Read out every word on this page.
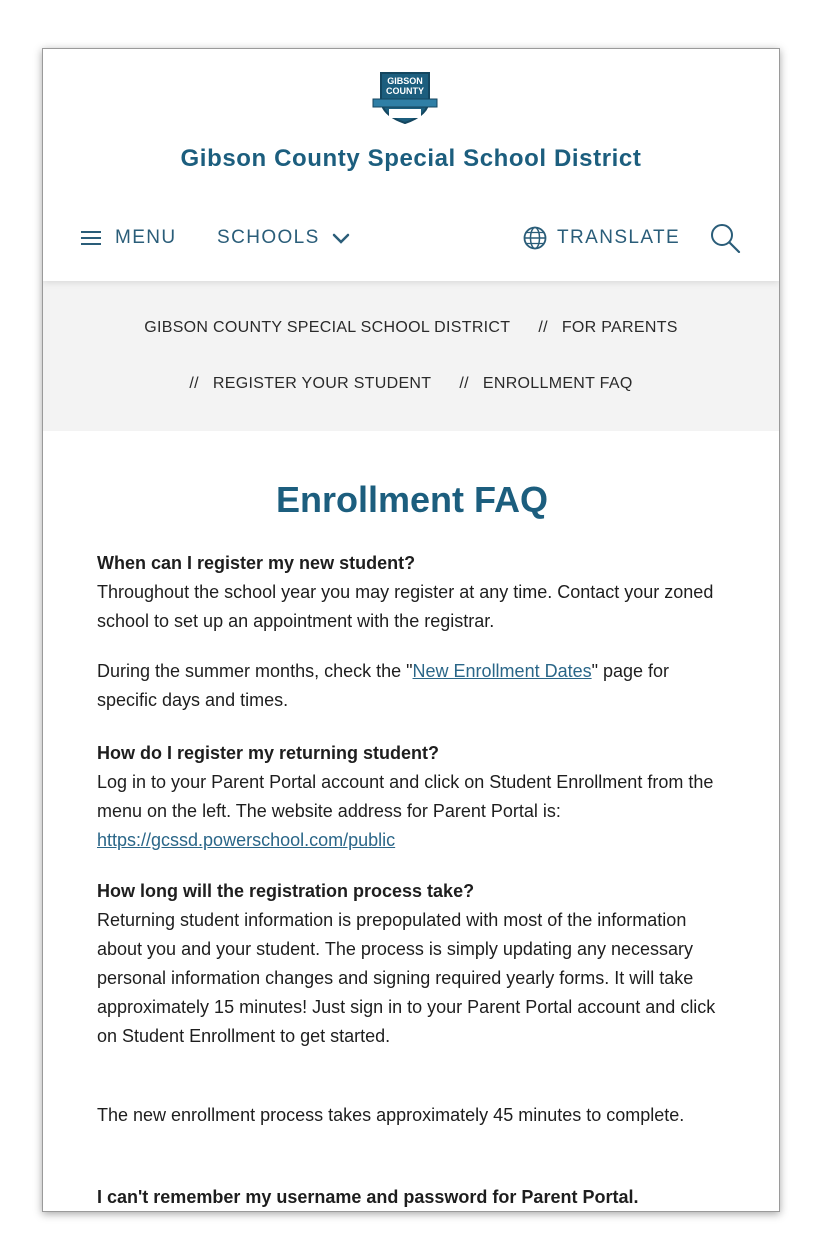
GIBSON
COUNTY
Gibson County Special School District
MENU SCHOOLS	TRANSLATE
GIBSON COUNTY SPECIAL SCHOOL DISTRICT // FOR PARENTS
// REGISTER YOUR STUDENT // ENROLLMENT FAQ
Enrollment FAQ
When can I register my new student?
Throughout the school year you may register at any time. Contact your zoned school to set up an appointment with the registrar.
During the summer months, check the "New Enrollment Dates" page for specific days and times.
How do I register my returning student?
Log in to your Parent Portal account and click on Student Enrollment from the menu on the left. The website address for Parent Portal is: https://gcssd.powerschool.com/public
How long will the registration process take?
Returning student information is prepopulated with most of the information about you and your student. The process is simply updating any necessary personal information changes and signing required yearly forms. It will take approximately 15 minutes! Just sign in to your Parent Portal account and click on Student Enrollment to get started.
The new enrollment process takes approximately 45 minutes to complete.
I can't remember my username and password for Parent Portal.
